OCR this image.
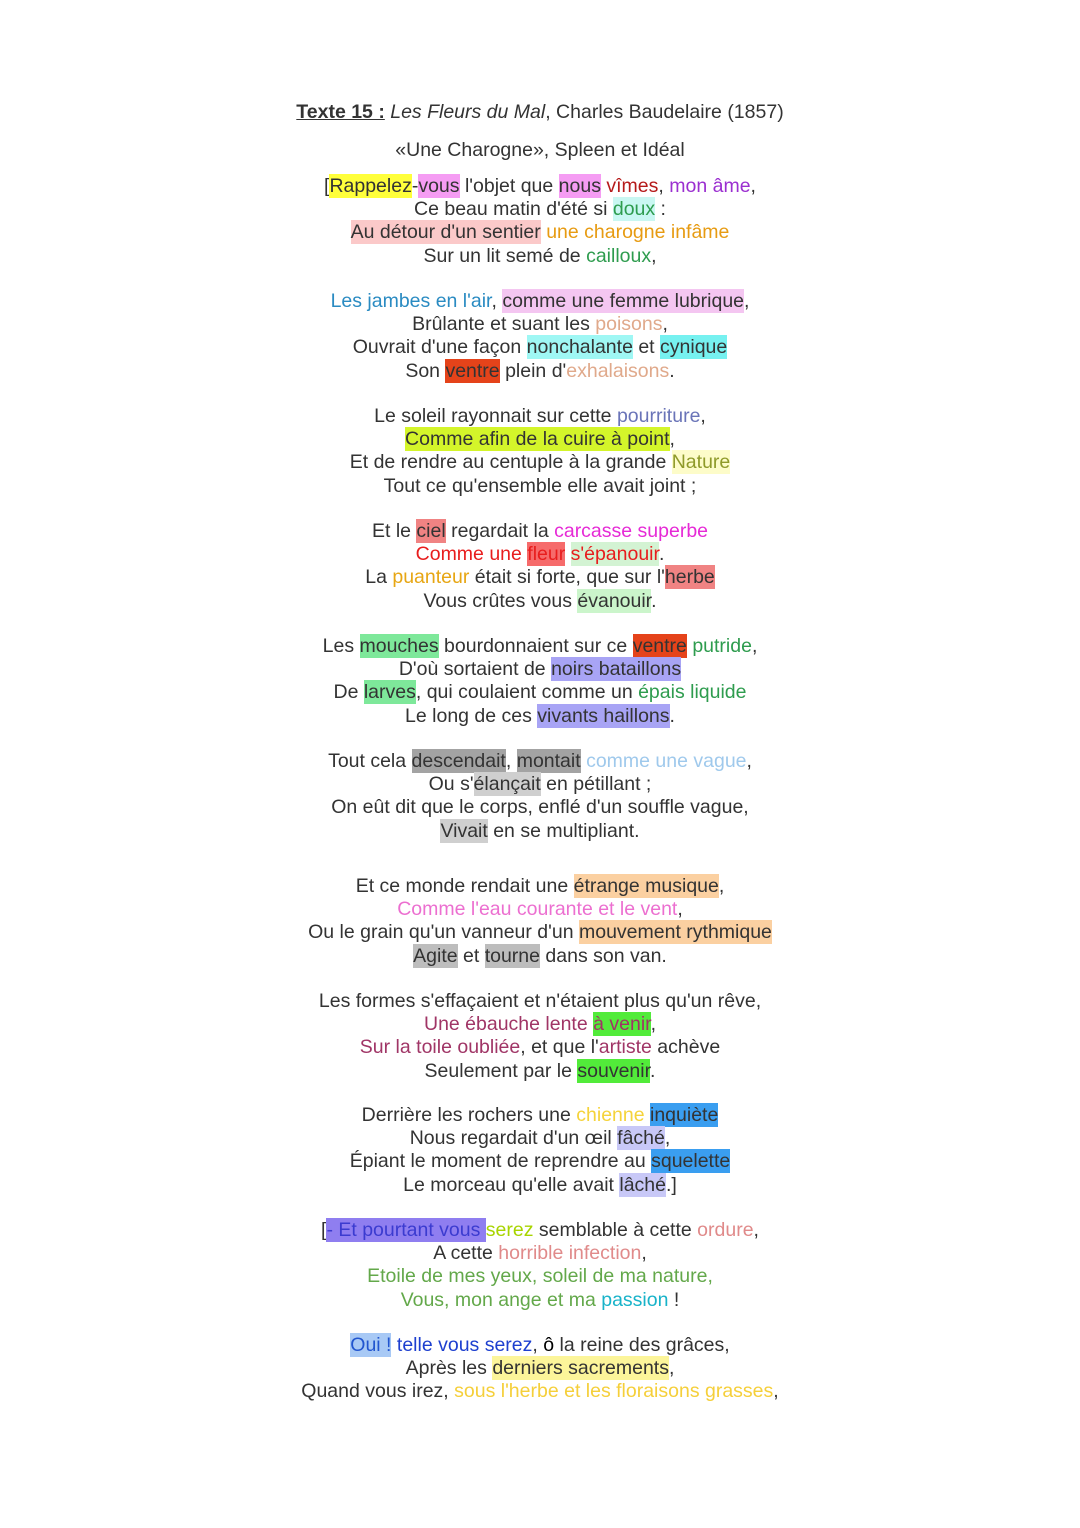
Texte 15 : Les Fleurs du Mal, Charles Baudelaire (1857)
«Une Charogne», Spleen et Idéal
[Rappelez-vous l'objet que nous vîmes, mon âme,
Ce beau matin d'été si doux :
Au détour d'un sentier une charogne infâme
Sur un lit semé de cailloux,
Les jambes en l'air, comme une femme lubrique,
Brûlante et suant les poisons,
Ouvrait d'une façon nonchalante et cynique
Son ventre plein d'exhalaisons.
Le soleil rayonnait sur cette pourriture,
Comme afin de la cuire à point,
Et de rendre au centuple à la grande Nature
Tout ce qu'ensemble elle avait joint ;
Et le ciel regardait la carcasse superbe
Comme une fleur s'épanouir.
La puanteur était si forte, que sur l'herbe
Vous crûtes vous évanouir.
Les mouches bourdonnaient sur ce ventre putride,
D'où sortaient de noirs bataillons
De larves, qui coulaient comme un épais liquide
Le long de ces vivants haillons.
Tout cela descendait, montait comme une vague,
Ou s'élançait en pétillant ;
On eût dit que le corps, enflé d'un souffle vague,
Vivait en se multipliant.
Et ce monde rendait une étrange musique,
Comme l'eau courante et le vent,
Ou le grain qu'un vanneur d'un mouvement rythmique
Agite et tourne dans son van.
Les formes s'effaçaient et n'étaient plus qu'un rêve,
Une ébauche lente à venir,
Sur la toile oubliée, et que l'artiste achève
Seulement par le souvenir.
Derrière les rochers une chienne inquiète
Nous regardait d'un œil fâché,
Épiant le moment de reprendre au squelette
Le morceau qu'elle avait lâché.]
[- Et pourtant vous serez semblable à cette ordure,
A cette horrible infection,
Etoile de mes yeux, soleil de ma nature,
Vous, mon ange et ma passion !
Oui ! telle vous serez, ô la reine des grâces,
Après les derniers sacrements,
Quand vous irez, sous l'herbe et les floraisons grasses,
